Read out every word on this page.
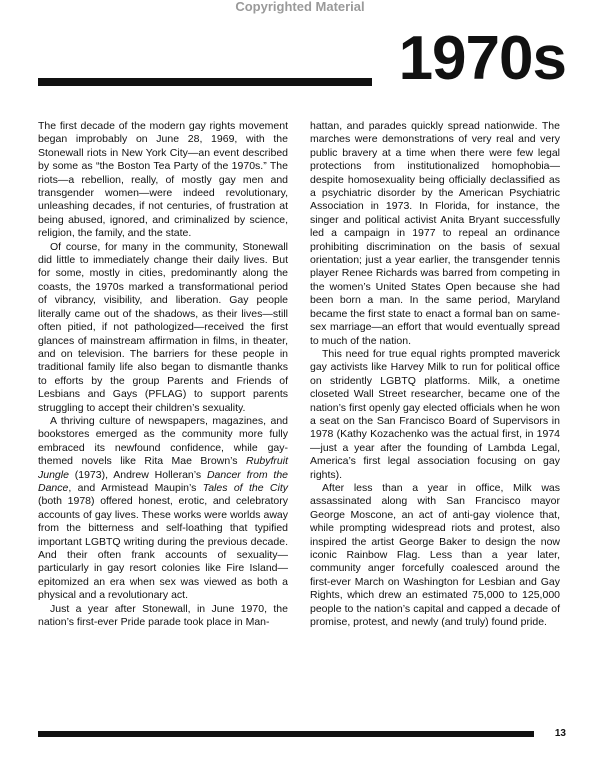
Copyrighted Material
1970s

The first decade of the modern gay rights movement began improbably on June 28, 1969, with the Stonewall riots in New York City—an event described by some as “the Boston Tea Party of the 1970s.” The riots—a rebellion, really, of mostly gay men and transgender women—were indeed revolutionary, unleashing decades, if not centuries, of frustration at being abused, ignored, and criminalized by science, religion, the family, and the state.

Of course, for many in the community, Stonewall did little to immediately change their daily lives. But for some, mostly in cities, predominantly along the coasts, the 1970s marked a transformational period of vibrancy, visibility, and liberation. Gay people literally came out of the shadows, as their lives—still often pitied, if not pathologized—received the first glances of mainstream affirmation in films, in theater, and on television. The barriers for these people in traditional family life also began to dismantle thanks to efforts by the group Parents and Friends of Lesbians and Gays (PFLAG) to support parents struggling to accept their children’s sexuality.

A thriving culture of newspapers, magazines, and bookstores emerged as the community more fully embraced its newfound confidence, while gay-themed novels like Rita Mae Brown’s Rubyfruit Jungle (1973), Andrew Holleran’s Dancer from the Dance, and Armistead Maupin’s Tales of the City (both 1978) offered honest, erotic, and celebratory accounts of gay lives. These works were worlds away from the bitterness and self-loathing that typified important LGBTQ writing during the previous decade. And their often frank accounts of sexuality—particularly in gay resort colonies like Fire Island—epitomized an era when sex was viewed as both a physical and a revolutionary act.

Just a year after Stonewall, in June 1970, the nation’s first-ever Pride parade took place in Man-

hattan, and parades quickly spread nationwide. The marches were demonstrations of very real and very public bravery at a time when there were few legal protections from institutionalized homophobia—despite homosexuality being officially declassified as a psychiatric disorder by the American Psychiatric Association in 1973. In Florida, for instance, the singer and political activist Anita Bryant successfully led a campaign in 1977 to repeal an ordinance prohibiting discrimination on the basis of sexual orientation; just a year earlier, the transgender tennis player Renee Richards was barred from competing in the women’s United States Open because she had been born a man. In the same period, Maryland became the first state to enact a formal ban on same-sex marriage—an effort that would eventually spread to much of the nation.

This need for true equal rights prompted maverick gay activists like Harvey Milk to run for political office on stridently LGBTQ platforms. Milk, a onetime closeted Wall Street researcher, became one of the nation’s first openly gay elected officials when he won a seat on the San Francisco Board of Supervisors in 1978 (Kathy Kozachenko was the actual first, in 1974—just a year after the founding of Lambda Legal, America’s first legal association focusing on gay rights).

After less than a year in office, Milk was assassinated along with San Francisco mayor George Moscone, an act of anti-gay violence that, while prompting widespread riots and protest, also inspired the artist George Baker to design the now iconic Rainbow Flag. Less than a year later, community anger forcefully coalesced around the first-ever March on Washington for Lesbian and Gay Rights, which drew an estimated 75,000 to 125,000 people to the nation’s capital and capped a decade of promise, protest, and newly (and truly) found pride.

13
